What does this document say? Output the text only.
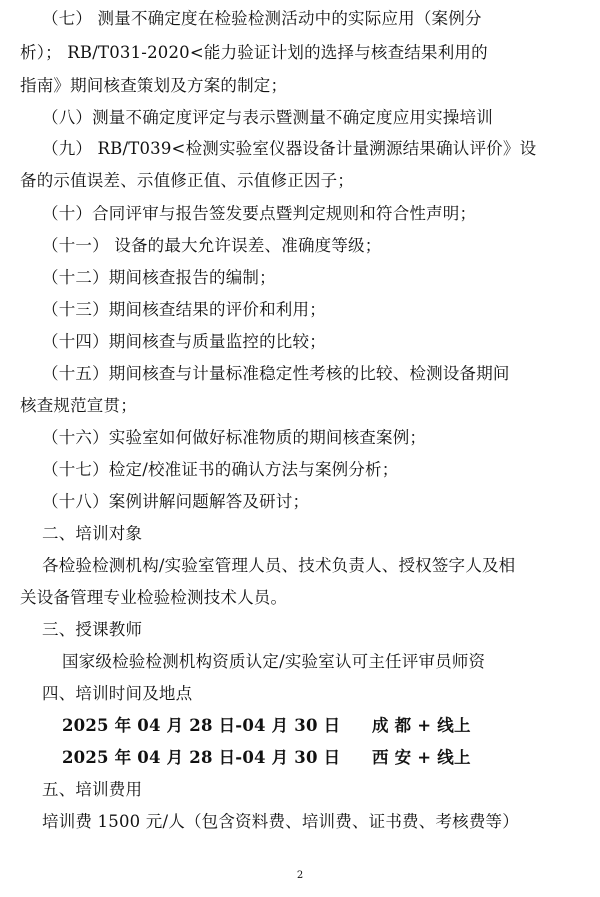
（七） 测量不确定度在检验检测活动中的实际应用（案例分
析）； RB/T031-2020<能力验证计划的选择与核查结果利用的
指南》期间核查策划及方案的制定；
（八）测量不确定度评定与表示暨测量不确定度应用实操培训
（九） RB/T039<检测实验室仪器设备计量溯源结果确认评价》设
备的示值误差、示值修正值、示值修正因子；
（十）合同评审与报告签发要点暨判定规则和符合性声明；
（十一） 设备的最大允许误差、准确度等级；
（十二）期间核查报告的编制；
（十三）期间核查结果的评价和利用；
（十四）期间核查与质量监控的比较；
（十五）期间核查与计量标准稳定性考核的比较、检测设备期间
核查规范宣贯；
（十六）实验室如何做好标准物质的期间核查案例；
（十七）检定/校准证书的确认方法与案例分析；
（十八）案例讲解问题解答及研讨；
二、培训对象
各检验检测机构/实验室管理人员、技术负责人、授权签字人及相
关设备管理专业检验检测技术人员。
三、授课教师
国家级检验检测机构资质认定/实验室认可主任评审员师资
四、培训时间及地点
2025 年 04 月 28 日-04 月 30 日 成 都 + 线上
2025 年 04 月 28 日-04 月 30 日 西 安 + 线上
五、培训费用
培训费 1500 元/人（包含资料费、培训费、证书费、考核费等）
2
